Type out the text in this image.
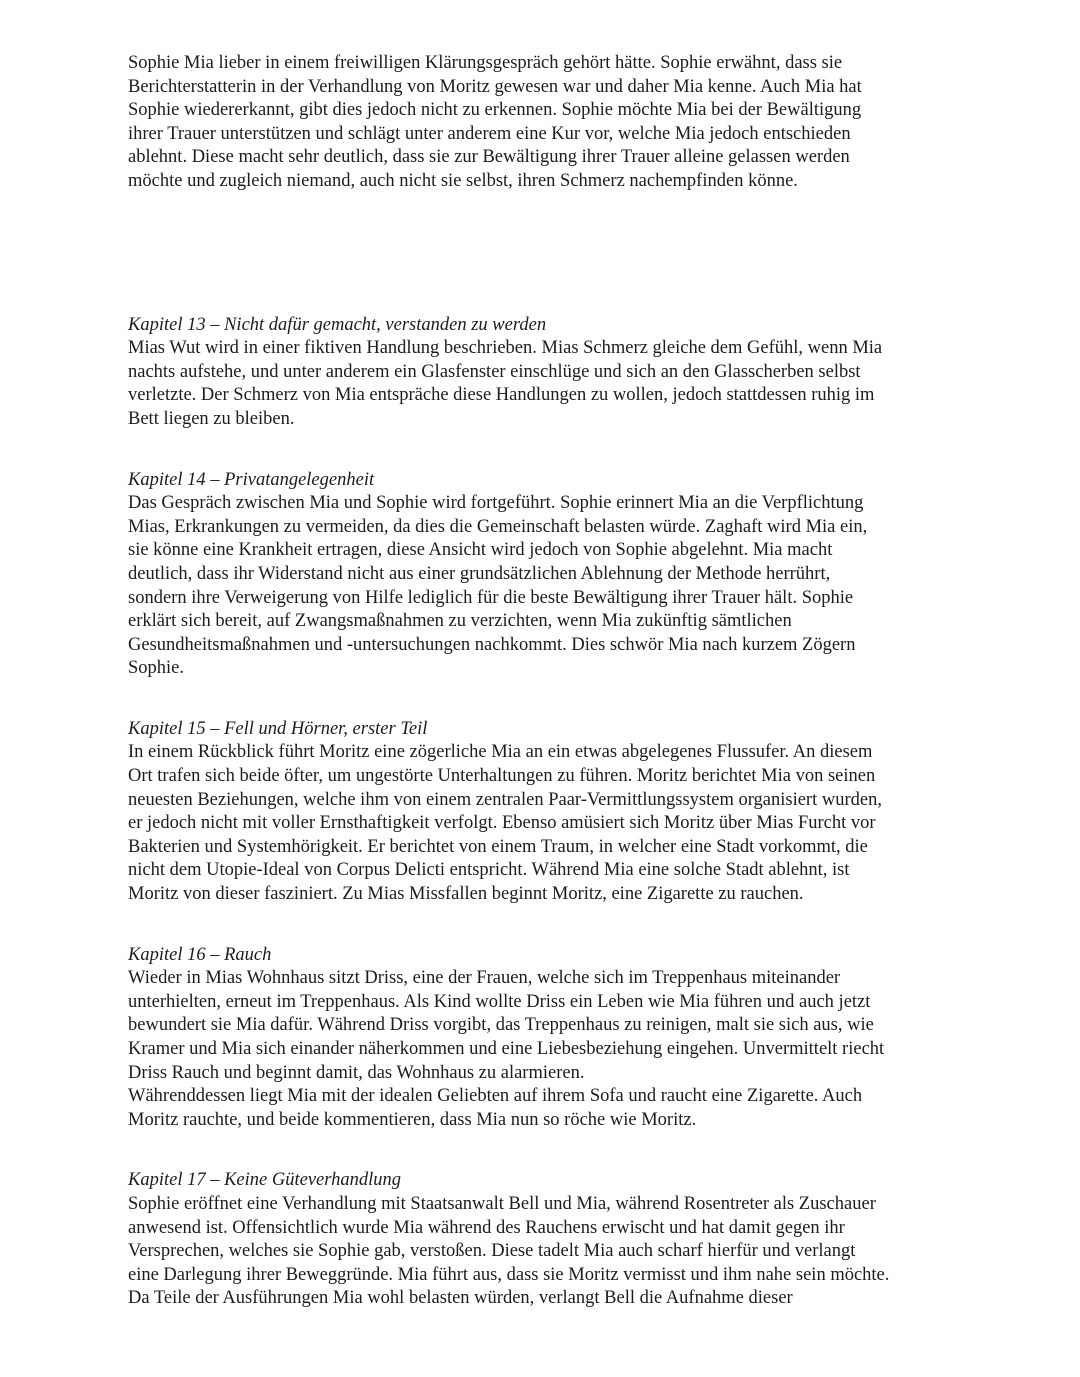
Sophie Mia lieber in einem freiwilligen Klärungsgespräch gehört hätte. Sophie erwähnt, dass sie
Berichterstatterin in der Verhandlung von Moritz gewesen war und daher Mia kenne. Auch Mia hat
Sophie wiedererkannt, gibt dies jedoch nicht zu erkennen. Sophie möchte Mia bei der Bewältigung
ihrer Trauer unterstützen und schlägt unter anderem eine Kur vor, welche Mia jedoch entschieden
ablehnt. Diese macht sehr deutlich, dass sie zur Bewältigung ihrer Trauer alleine gelassen werden
möchte und zugleich niemand, auch nicht sie selbst, ihren Schmerz nachempfinden könne.

Kapitel 13 – Nicht dafür gemacht, verstanden zu werden

Mias Wut wird in einer fiktiven Handlung beschrieben. Mias Schmerz gleiche dem Gefühl, wenn Mia
nachts aufstehe, und unter anderem ein Glasfenster einschlüge und sich an den Glasscherben selbst
verletzte. Der Schmerz von Mia entspräche diese Handlungen zu wollen, jedoch stattdessen ruhig im
Bett liegen zu bleiben.

Kapitel 14 – Privatangelegenheit

Das Gespräch zwischen Mia und Sophie wird fortgeführt. Sophie erinnert Mia an die Verpflichtung
Mias, Erkrankungen zu vermeiden, da dies die Gemeinschaft belasten würde. Zaghaft wird Mia ein,
sie könne eine Krankheit ertragen, diese Ansicht wird jedoch von Sophie abgelehnt. Mia macht
deutlich, dass ihr Widerstand nicht aus einer grundsätzlichen Ablehnung der Methode herrührt,
sondern ihre Verweigerung von Hilfe lediglich für die beste Bewältigung ihrer Trauer hält. Sophie
erklärt sich bereit, auf Zwangsmaßnahmen zu verzichten, wenn Mia zukünftig sämtlichen
Gesundheitsmaßnahmen und -untersuchungen nachkommt. Dies schwör Mia nach kurzem Zögern
Sophie.

Kapitel 15 – Fell und Hörner, erster Teil

In einem Rückblick führt Moritz eine zögerliche Mia an ein etwas abgelegenes Flussufer. An diesem
Ort trafen sich beide öfter, um ungestörte Unterhaltungen zu führen. Moritz berichtet Mia von seinen
neuesten Beziehungen, welche ihm von einem zentralen Paar-Vermittlungssystem organisiert wurden,
er jedoch nicht mit voller Ernsthaftigkeit verfolgt. Ebenso amüsiert sich Moritz über Mias Furcht vor
Bakterien und Systemhörigkeit. Er berichtet von einem Traum, in welcher eine Stadt vorkommt, die
nicht dem Utopie-Ideal von Corpus Delicti entspricht. Während Mia eine solche Stadt ablehnt, ist
Moritz von dieser fasziniert. Zu Mias Missfallen beginnt Moritz, eine Zigarette zu rauchen.

Kapitel 16 – Rauch

Wieder in Mias Wohnhaus sitzt Driss, eine der Frauen, welche sich im Treppenhaus miteinander
unterhielten, erneut im Treppenhaus. Als Kind wollte Driss ein Leben wie Mia führen und auch jetzt
bewundert sie Mia dafür. Während Driss vorgibt, das Treppenhaus zu reinigen, malt sie sich aus, wie
Kramer und Mia sich einander näherkommen und eine Liebesbeziehung eingehen. Unvermittelt riecht
Driss Rauch und beginnt damit, das Wohnhaus zu alarmieren.
Währenddessen liegt Mia mit der idealen Geliebten auf ihrem Sofa und raucht eine Zigarette. Auch
Moritz rauchte, und beide kommentieren, dass Mia nun so röche wie Moritz.

Kapitel 17 – Keine Güteverhandlung

Sophie eröffnet eine Verhandlung mit Staatsanwalt Bell und Mia, während Rosentreter als Zuschauer
anwesend ist. Offensichtlich wurde Mia während des Rauchens erwischt und hat damit gegen ihr
Versprechen, welches sie Sophie gab, verstoßen. Diese tadelt Mia auch scharf hierfür und verlangt
eine Darlegung ihrer Beweggründe. Mia führt aus, dass sie Moritz vermisst und ihm nahe sein möchte.
Da Teile der Ausführungen Mia wohl belasten würden, verlangt Bell die Aufnahme dieser
